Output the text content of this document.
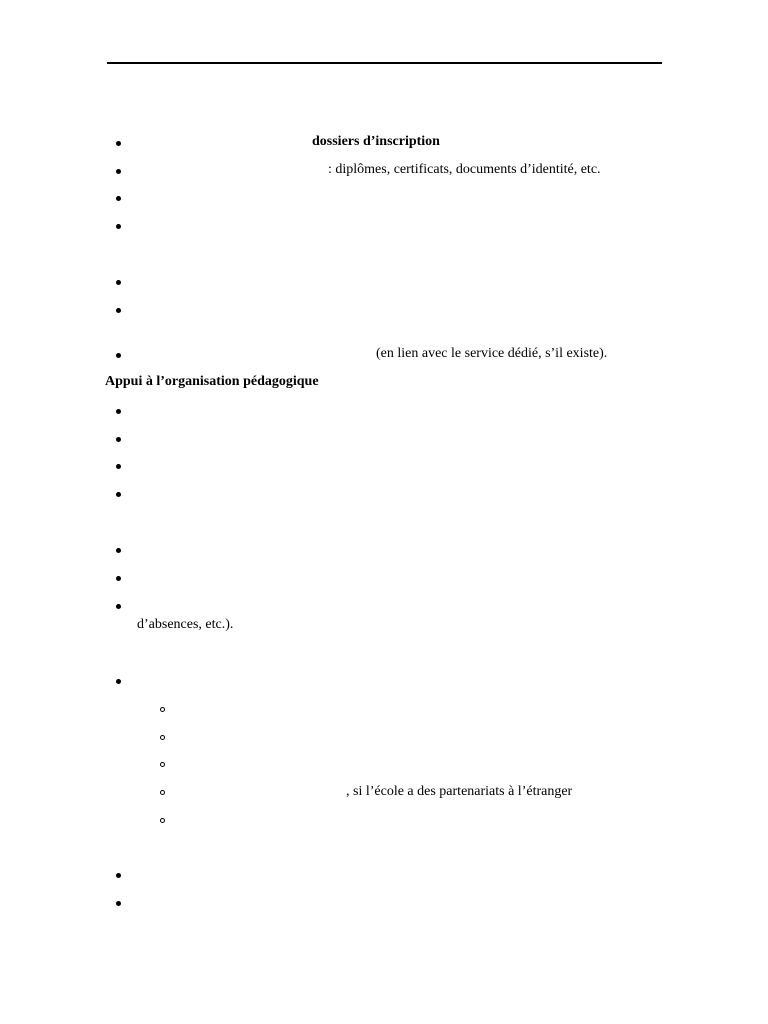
dossiers d’inscription
: diplômes, certificats, documents d’identité, etc.
(en lien avec le service dédié, s’il existe).
Appui à l’organisation pédagogique
d’absences, etc.).
, si l’école a des partenariats à l’étranger
